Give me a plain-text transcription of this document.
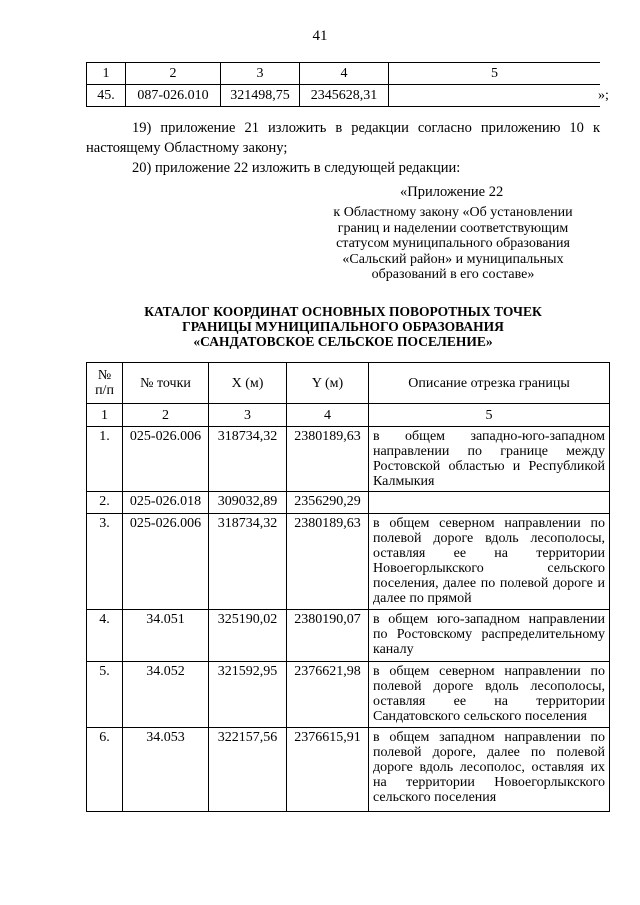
41
1	2	3	4	5
45.	087-026.010	321498,75	2345628,31		»;
19) приложение 21 изложить в редакции согласно приложению 10 к настоящему Областному закону;
20) приложение 22 изложить в следующей редакции:
«Приложение 22
к Областному закону «Об установлении
границ и наделении соответствующим
статусом муниципального образования
«Сальский район» и муниципальных
образований в его составе»
КАТАЛОГ КООРДИНАТ ОСНОВНЫХ ПОВОРОТНЫХ ТОЧЕК
ГРАНИЦЫ МУНИЦИПАЛЬНОГО ОБРАЗОВАНИЯ
«САНДАТОВСКОЕ СЕЛЬСКОЕ ПОСЕЛЕНИЕ»
№
п/п	№ точки	X (м)	Y (м)	Описание отрезка границы
1	2	3	4	5
1.	025-026.006	318734,32	2380189,63	в общем западно-юго-западном направлении по границе между Ростовской областью и Республикой Калмыкия
2.	025-026.018	309032,89	2356290,29	
3.	025-026.006	318734,32	2380189,63	в общем северном направлении по полевой дороге вдоль лесополосы, оставляя ее на территории Новоегорлыкского сельского поселения, далее по полевой дороге и далее по прямой
4.	34.051	325190,02	2380190,07	в общем юго-западном направлении по Ростовскому распределительному каналу
5.	34.052	321592,95	2376621,98	в общем северном направлении по полевой дороге вдоль лесополосы, оставляя ее на территории Сандатовского сельского поселения
6.	34.053	322157,56	2376615,91	в общем западном направлении по полевой дороге, далее по полевой дороге вдоль лесополос, оставляя их на территории Новоегорлыкского сельского поселения
